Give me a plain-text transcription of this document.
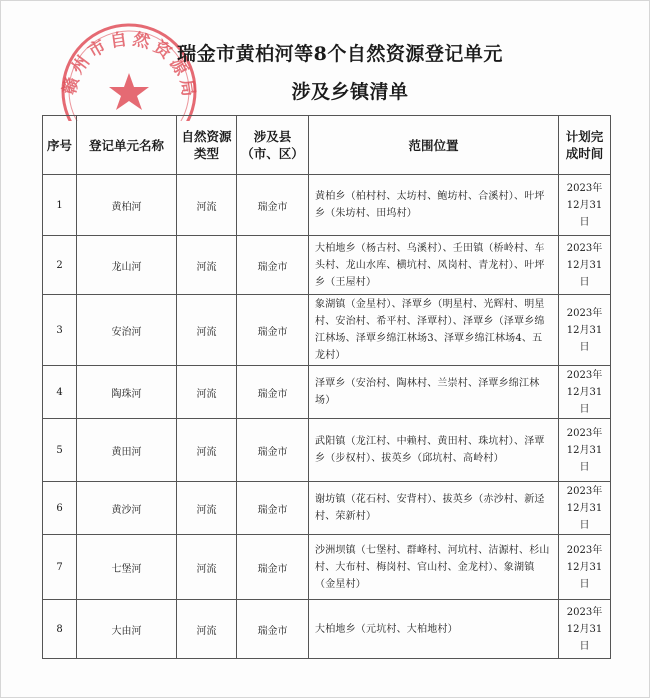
赣州市自然资源局
瑞金市黄柏河等8个自然资源登记单元
涉及乡镇清单
序号	登记单元名称	自然资源类型	涉及县（市、区）	范围位置	计划完成时间
1	黄柏河	河流	瑞金市	黄柏乡（柏村村、太坊村、鲍坊村、合溪村）、叶坪乡（朱坊村、田坞村）	2023年
12月31日
2	龙山河	河流	瑞金市	大柏地乡（杨古村、乌溪村）、壬田镇（桥岭村、车头村、龙山水库、横坑村、凤岗村、青龙村）、叶坪乡（王屋村）	2023年
12月31日
3	安治河	河流	瑞金市	象湖镇（金星村）、泽覃乡（明星村、光辉村、明星村、安治村、希平村、泽覃村）、泽覃乡（泽覃乡绵江林场、泽覃乡绵江林场3、泽覃乡绵江林场4、五龙村）	2023年
12月31日
4	陶珠河	河流	瑞金市	泽覃乡（安治村、陶林村、兰崇村、泽覃乡绵江林场）	2023年
12月31日
5	黄田河	河流	瑞金市	武阳镇（龙江村、中赖村、黄田村、珠坑村）、泽覃乡（步权村）、拔英乡（邱坑村、高岭村）	2023年
12月31日
6	黄沙河	河流	瑞金市	谢坊镇（花石村、安背村）、拔英乡（赤沙村、新迳村、荣新村）	2023年
12月31日
7	七堡河	河流	瑞金市	沙洲坝镇（七堡村、群峰村、河坑村、洁源村、杉山村、大布村、梅岗村、官山村、金龙村）、象湖镇（金星村）	2023年
12月31日
8	大由河	河流	瑞金市	大柏地乡（元坑村、大柏地村）	2023年
12月31日
